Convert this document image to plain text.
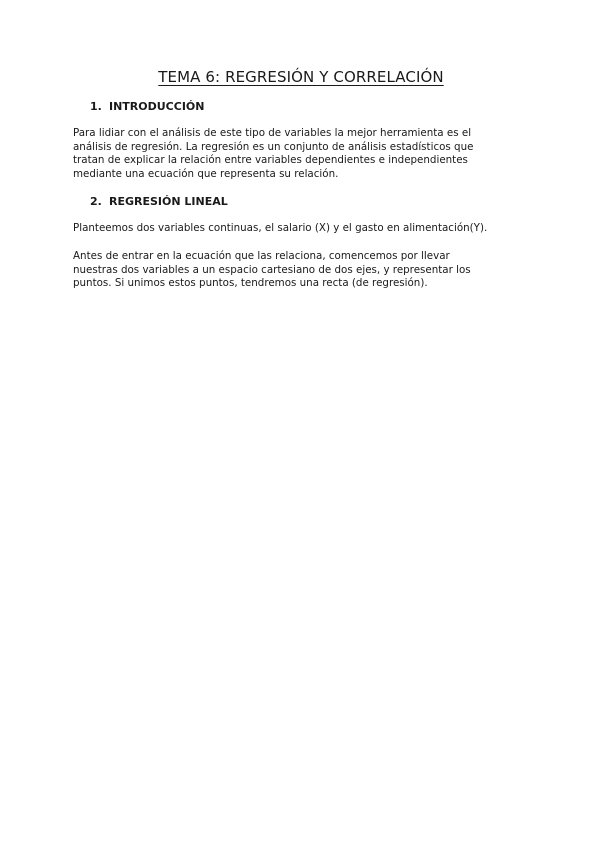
TEMA 6: REGRESIÓN Y CORRELACIÓN
1. INTRODUCCIÓN

Para lidiar con el análisis de este tipo de variables la mejor herramienta es el
análisis de regresión. La regresión es un conjunto de análisis estadísticos que
tratan de explicar la relación entre variables dependientes e independientes
mediante una ecuación que representa su relación.

2. REGRESIÓN LINEAL

Planteemos dos variables continuas, el salario (X) y el gasto en alimentación(Y).

Antes de entrar en la ecuación que las relaciona, comencemos por llevar
nuestras dos variables a un espacio cartesiano de dos ejes, y representar los
puntos. Si unimos estos puntos, tendremos una recta (de regresión).
